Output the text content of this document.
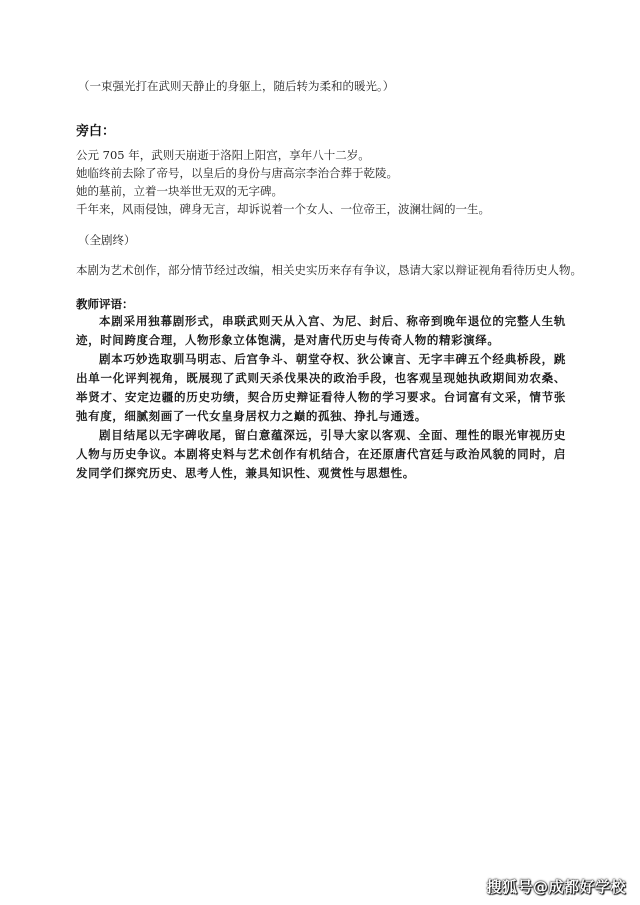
（一束强光打在武则天静止的身躯上，随后转为柔和的暖光。）
旁白：
公元 705 年，武则天崩逝于洛阳上阳宫，享年八十二岁。
她临终前去除了帝号，以皇后的身份与唐高宗李治合葬于乾陵。
她的墓前，立着一块举世无双的无字碑。
千年来，风雨侵蚀，碑身无言，却诉说着一个女人、一位帝王，波澜壮阔的一生。
（全剧终）
本剧为艺术创作，部分情节经过改编，相关史实历来存有争议，恳请大家以辩证视角看待历史人物。
教师评语：

本剧采用独幕剧形式，串联武则天从入宫、为尼、封后、称帝到晚年退位的完整人生轨迹，时间跨度合理，人物形象立体饱满，是对唐代历史与传奇人物的精彩演绎。

剧本巧妙选取驯马明志、后宫争斗、朝堂夺权、狄公谏言、无字丰碑五个经典桥段，跳出单一化评判视角，既展现了武则天杀伐果决的政治手段，也客观呈现她执政期间劝农桑、举贤才、安定边疆的历史功绩，契合历史辩证看待人物的学习要求。台词富有文采，情节张弛有度，细腻刻画了一代女皇身居权力之巅的孤独、挣扎与通透。

剧目结尾以无字碑收尾，留白意蕴深远，引导大家以客观、全面、理性的眼光审视历史人物与历史争议。本剧将史料与艺术创作有机结合，在还原唐代宫廷与政治风貌的同时，启发同学们探究历史、思考人性，兼具知识性、观赏性与思想性。

搜狐号@成都好学校
